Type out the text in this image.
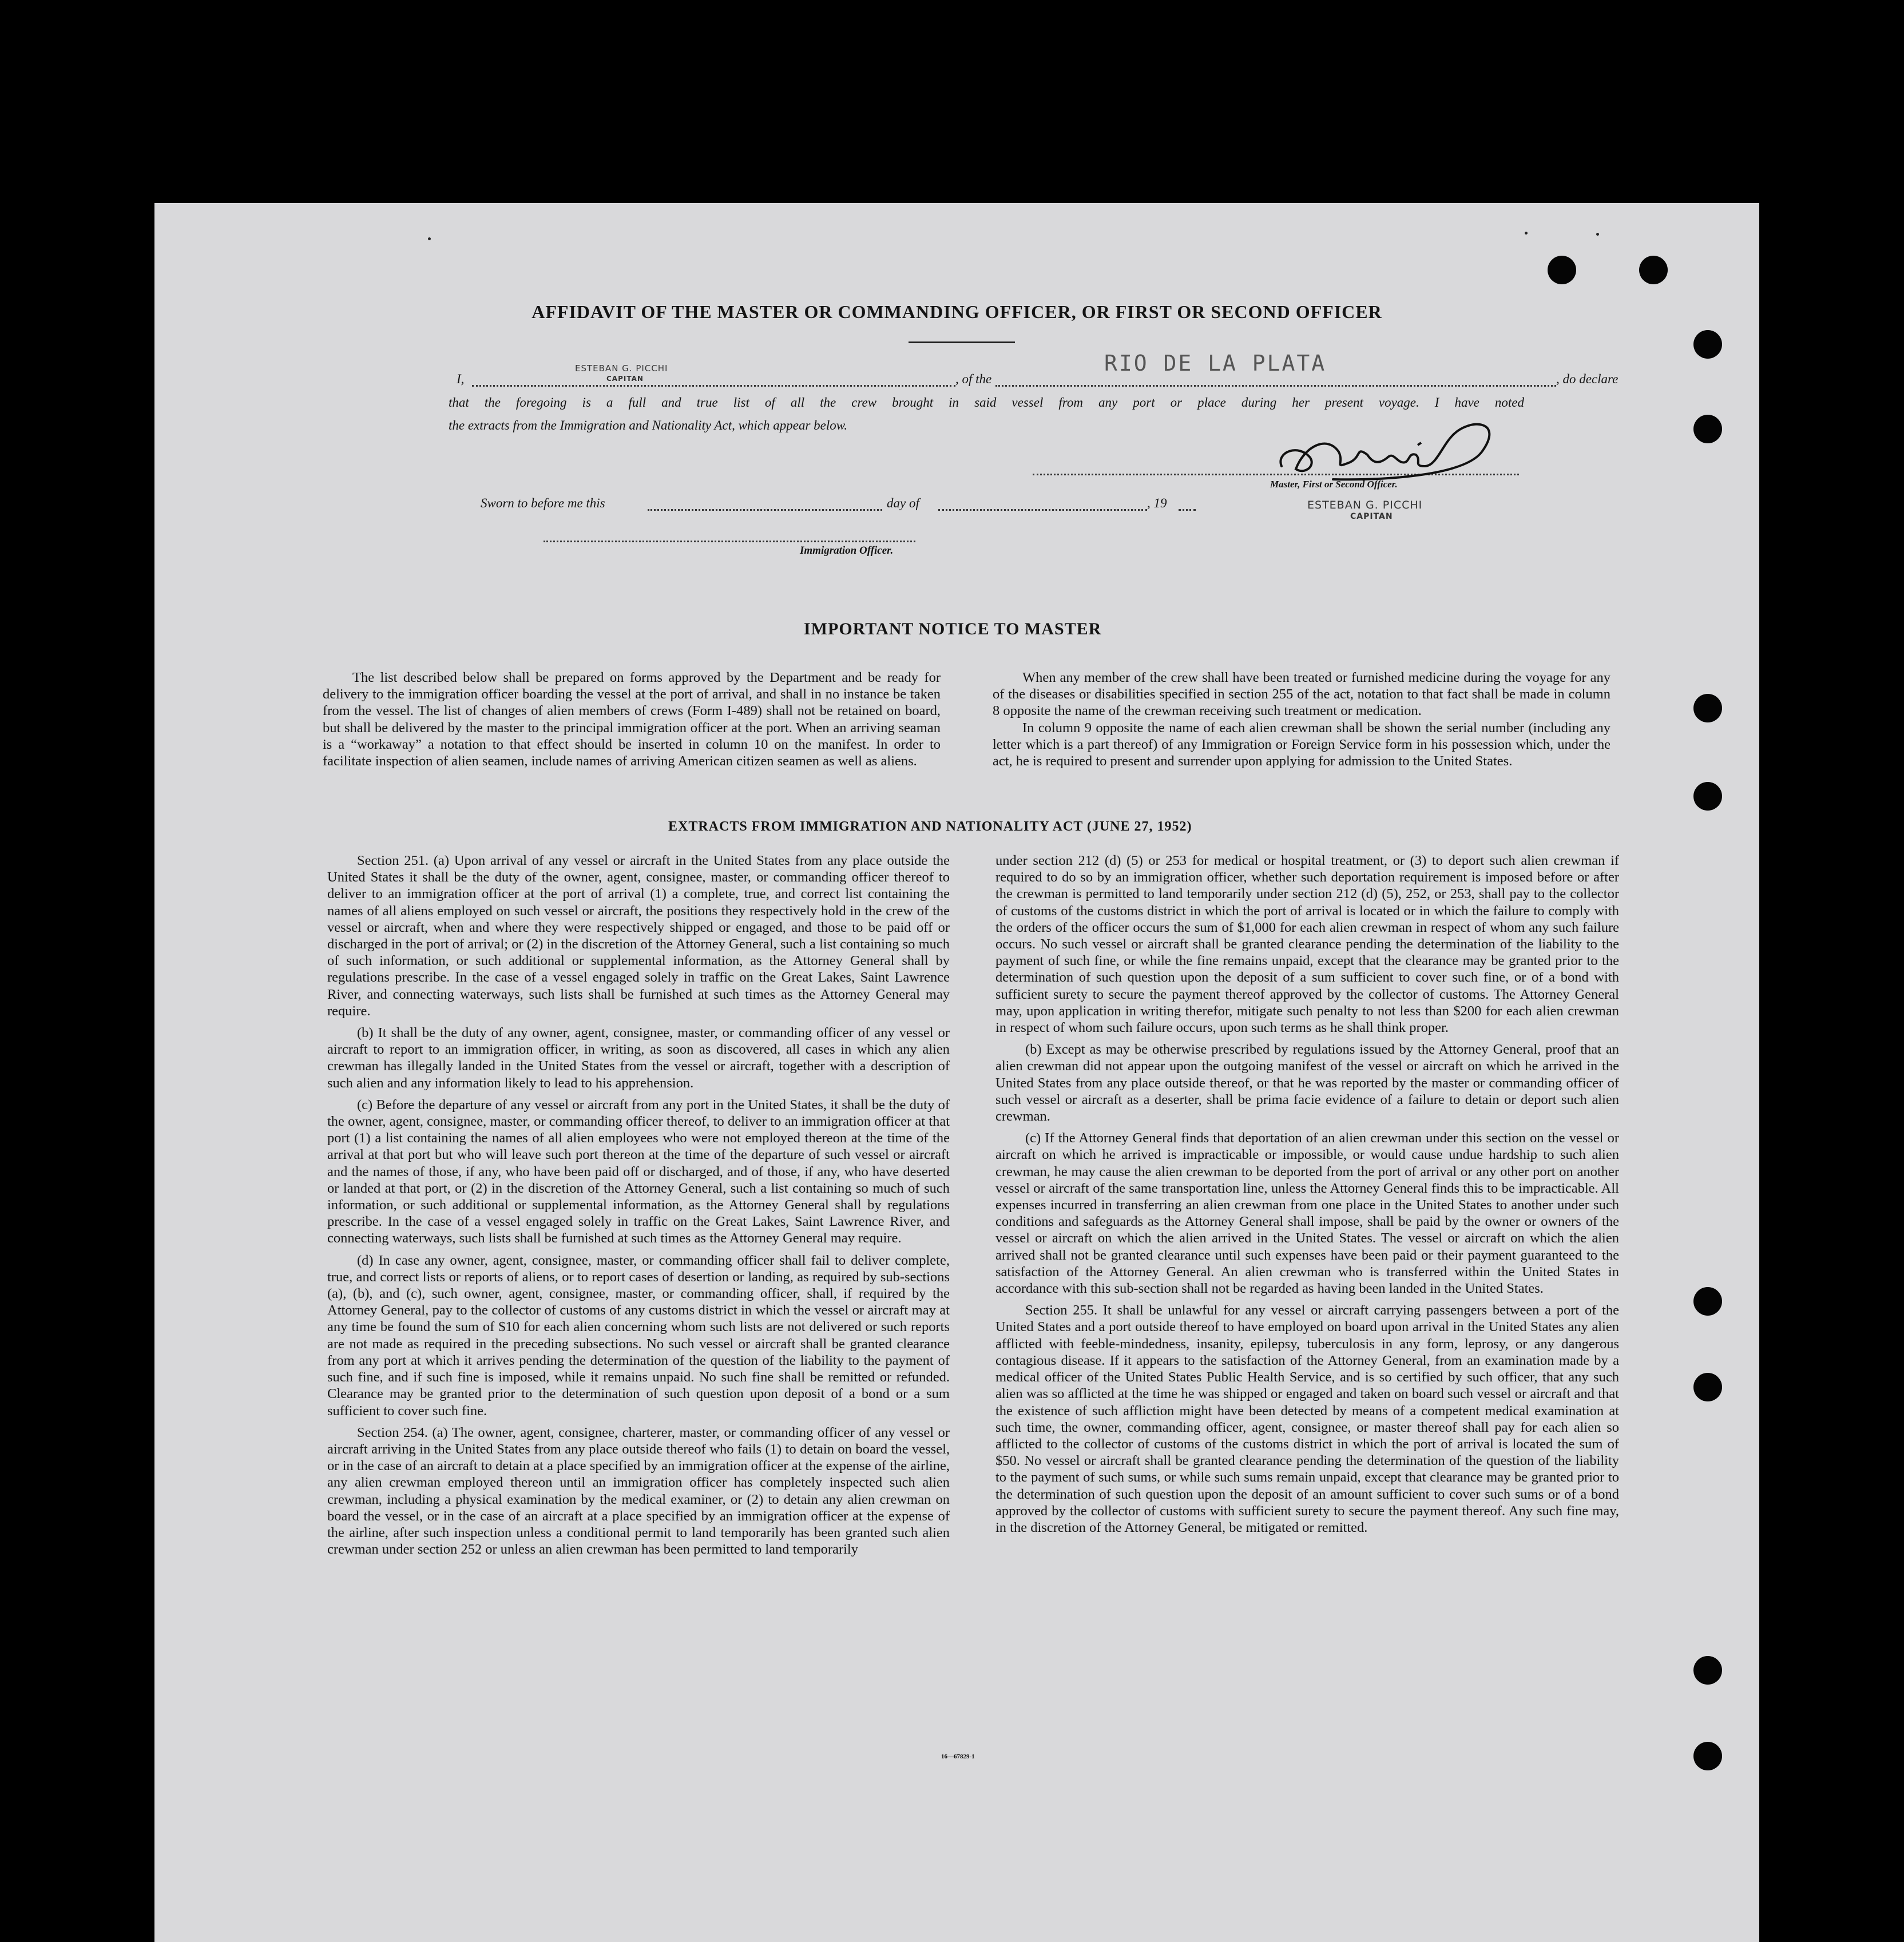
AFFIDAVIT OF THE MASTER OR COMMANDING OFFICER, OR FIRST OR SECOND OFFICER
I,
ESTEBAN G. PICCHI
CAPITAN	, of the
RIO DE LA PLATA
, do declare
that the foregoing is a full and true list of all the crew brought in said vessel from any port or place during her present voyage. I have noted
the extracts from the Immigration and Nationality Act, which appear below.
Master, First or Second Officer.
ESTEBAN G. PICCHI
CAPITAN
Sworn to before me this	day of	, 19
Immigration Officer.
IMPORTANT NOTICE TO MASTER

The list described below shall be prepared on forms approved by the Department and be ready for delivery to the immigration officer boarding the vessel at the port of arrival, and shall in no instance be taken from the vessel. The list of changes of alien members of crews (Form I-489) shall not be retained on board, but shall be delivered by the master to the principal immigration officer at the port. When an arriving seaman is a “workaway” a notation to that effect should be inserted in column 10 on the manifest. In order to facilitate inspection of alien seamen, include names of arriving American citizen seamen as well as aliens.

When any member of the crew shall have been treated or furnished medicine during the voyage for any of the diseases or disabilities specified in section 255 of the act, notation to that fact shall be made in column 8 opposite the name of the crewman receiving such treatment or medication.

In column 9 opposite the name of each alien crewman shall be shown the serial number (including any letter which is a part thereof) of any Immigration or Foreign Service form in his possession which, under the act, he is required to present and surrender upon applying for admission to the United States.

EXTRACTS FROM IMMIGRATION AND NATIONALITY ACT (JUNE 27, 1952)

Section 251. (a) Upon arrival of any vessel or aircraft in the United States from any place outside the United States it shall be the duty of the owner, agent, consignee, master, or commanding officer thereof to deliver to an immigration officer at the port of arrival (1) a complete, true, and correct list containing the names of all aliens employed on such vessel or aircraft, the positions they respectively hold in the crew of the vessel or aircraft, when and where they were respectively shipped or engaged, and those to be paid off or discharged in the port of arrival; or (2) in the discretion of the Attorney General, such a list containing so much of such information, or such additional or supplemental information, as the Attorney General shall by regulations prescribe. In the case of a vessel engaged solely in traffic on the Great Lakes, Saint Lawrence River, and connecting waterways, such lists shall be furnished at such times as the Attorney General may require.

(b) It shall be the duty of any owner, agent, consignee, master, or commanding officer of any vessel or aircraft to report to an immigration officer, in writing, as soon as discovered, all cases in which any alien crewman has illegally landed in the United States from the vessel or aircraft, together with a description of such alien and any information likely to lead to his apprehension.

(c) Before the departure of any vessel or aircraft from any port in the United States, it shall be the duty of the owner, agent, consignee, master, or commanding officer thereof, to deliver to an immigration officer at that port (1) a list containing the names of all alien employees who were not employed thereon at the time of the arrival at that port but who will leave such port thereon at the time of the departure of such vessel or aircraft and the names of those, if any, who have been paid off or discharged, and of those, if any, who have deserted or landed at that port, or (2) in the discretion of the Attorney General, such a list containing so much of such information, or such additional or supplemental information, as the Attorney General shall by regulations prescribe. In the case of a vessel engaged solely in traffic on the Great Lakes, Saint Lawrence River, and connecting waterways, such lists shall be furnished at such times as the Attorney General may require.

(d) In case any owner, agent, consignee, master, or commanding officer shall fail to deliver complete, true, and correct lists or reports of aliens, or to report cases of desertion or landing, as required by sub-sections (a), (b), and (c), such owner, agent, consignee, master, or commanding officer, shall, if required by the Attorney General, pay to the collector of customs of any customs district in which the vessel or aircraft may at any time be found the sum of $10 for each alien concerning whom such lists are not delivered or such reports are not made as required in the preceding subsections. No such vessel or aircraft shall be granted clearance from any port at which it arrives pending the determination of the question of the liability to the payment of such fine, and if such fine is imposed, while it remains unpaid. No such fine shall be remitted or refunded. Clearance may be granted prior to the determination of such question upon deposit of a bond or a sum sufficient to cover such fine.

Section 254. (a) The owner, agent, consignee, charterer, master, or commanding officer of any vessel or aircraft arriving in the United States from any place outside thereof who fails (1) to detain on board the vessel, or in the case of an aircraft to detain at a place specified by an immigration officer at the expense of the airline, any alien crewman employed thereon until an immigration officer has completely inspected such alien crewman, including a physical examination by the medical examiner, or (2) to detain any alien crewman on board the vessel, or in the case of an aircraft at a place specified by an immigration officer at the expense of the airline, after such inspection unless a conditional permit to land temporarily has been granted such alien crewman under section 252 or unless an alien crewman has been permitted to land temporarily

under section 212 (d) (5) or 253 for medical or hospital treatment, or (3) to deport such alien crewman if required to do so by an immigration officer, whether such deportation requirement is imposed before or after the crewman is permitted to land temporarily under section 212 (d) (5), 252, or 253, shall pay to the collector of customs of the customs district in which the port of arrival is located or in which the failure to comply with the orders of the officer occurs the sum of $1,000 for each alien crewman in respect of whom any such failure occurs. No such vessel or aircraft shall be granted clearance pending the determination of the liability to the payment of such fine, or while the fine remains unpaid, except that the clearance may be granted prior to the determination of such question upon the deposit of a sum sufficient to cover such fine, or of a bond with sufficient surety to secure the payment thereof approved by the collector of customs. The Attorney General may, upon application in writing therefor, mitigate such penalty to not less than $200 for each alien crewman in respect of whom such failure occurs, upon such terms as he shall think proper.

(b) Except as may be otherwise prescribed by regulations issued by the Attorney General, proof that an alien crewman did not appear upon the outgoing manifest of the vessel or aircraft on which he arrived in the United States from any place outside thereof, or that he was reported by the master or commanding officer of such vessel or aircraft as a deserter, shall be prima facie evidence of a failure to detain or deport such alien crewman.

(c) If the Attorney General finds that deportation of an alien crewman under this section on the vessel or aircraft on which he arrived is impracticable or impossible, or would cause undue hardship to such alien crewman, he may cause the alien crewman to be deported from the port of arrival or any other port on another vessel or aircraft of the same transportation line, unless the Attorney General finds this to be impracticable. All expenses incurred in transferring an alien crewman from one place in the United States to another under such conditions and safeguards as the Attorney General shall impose, shall be paid by the owner or owners of the vessel or aircraft on which the alien arrived in the United States. The vessel or aircraft on which the alien arrived shall not be granted clearance until such expenses have been paid or their payment guaranteed to the satisfaction of the Attorney General. An alien crewman who is transferred within the United States in accordance with this sub-section shall not be regarded as having been landed in the United States.

Section 255. It shall be unlawful for any vessel or aircraft carrying passengers between a port of the United States and a port outside thereof to have employed on board upon arrival in the United States any alien afflicted with feeble-mindedness, insanity, epilepsy, tuberculosis in any form, leprosy, or any dangerous contagious disease. If it appears to the satisfaction of the Attorney General, from an examination made by a medical officer of the United States Public Health Service, and is so certified by such officer, that any such alien was so afflicted at the time he was shipped or engaged and taken on board such vessel or aircraft and that the existence of such affliction might have been detected by means of a competent medical examination at such time, the owner, commanding officer, agent, consignee, or master thereof shall pay for each alien so afflicted to the collector of customs of the customs district in which the port of arrival is located the sum of $50. No vessel or aircraft shall be granted clearance pending the determination of the question of the liability to the payment of such sums, or while such sums remain unpaid, except that clearance may be granted prior to the determination of such question upon the deposit of an amount sufficient to cover such sums or of a bond approved by the collector of customs with sufficient surety to secure the payment thereof. Any such fine may, in the discretion of the Attorney General, be mitigated or remitted.

16—67829-1
